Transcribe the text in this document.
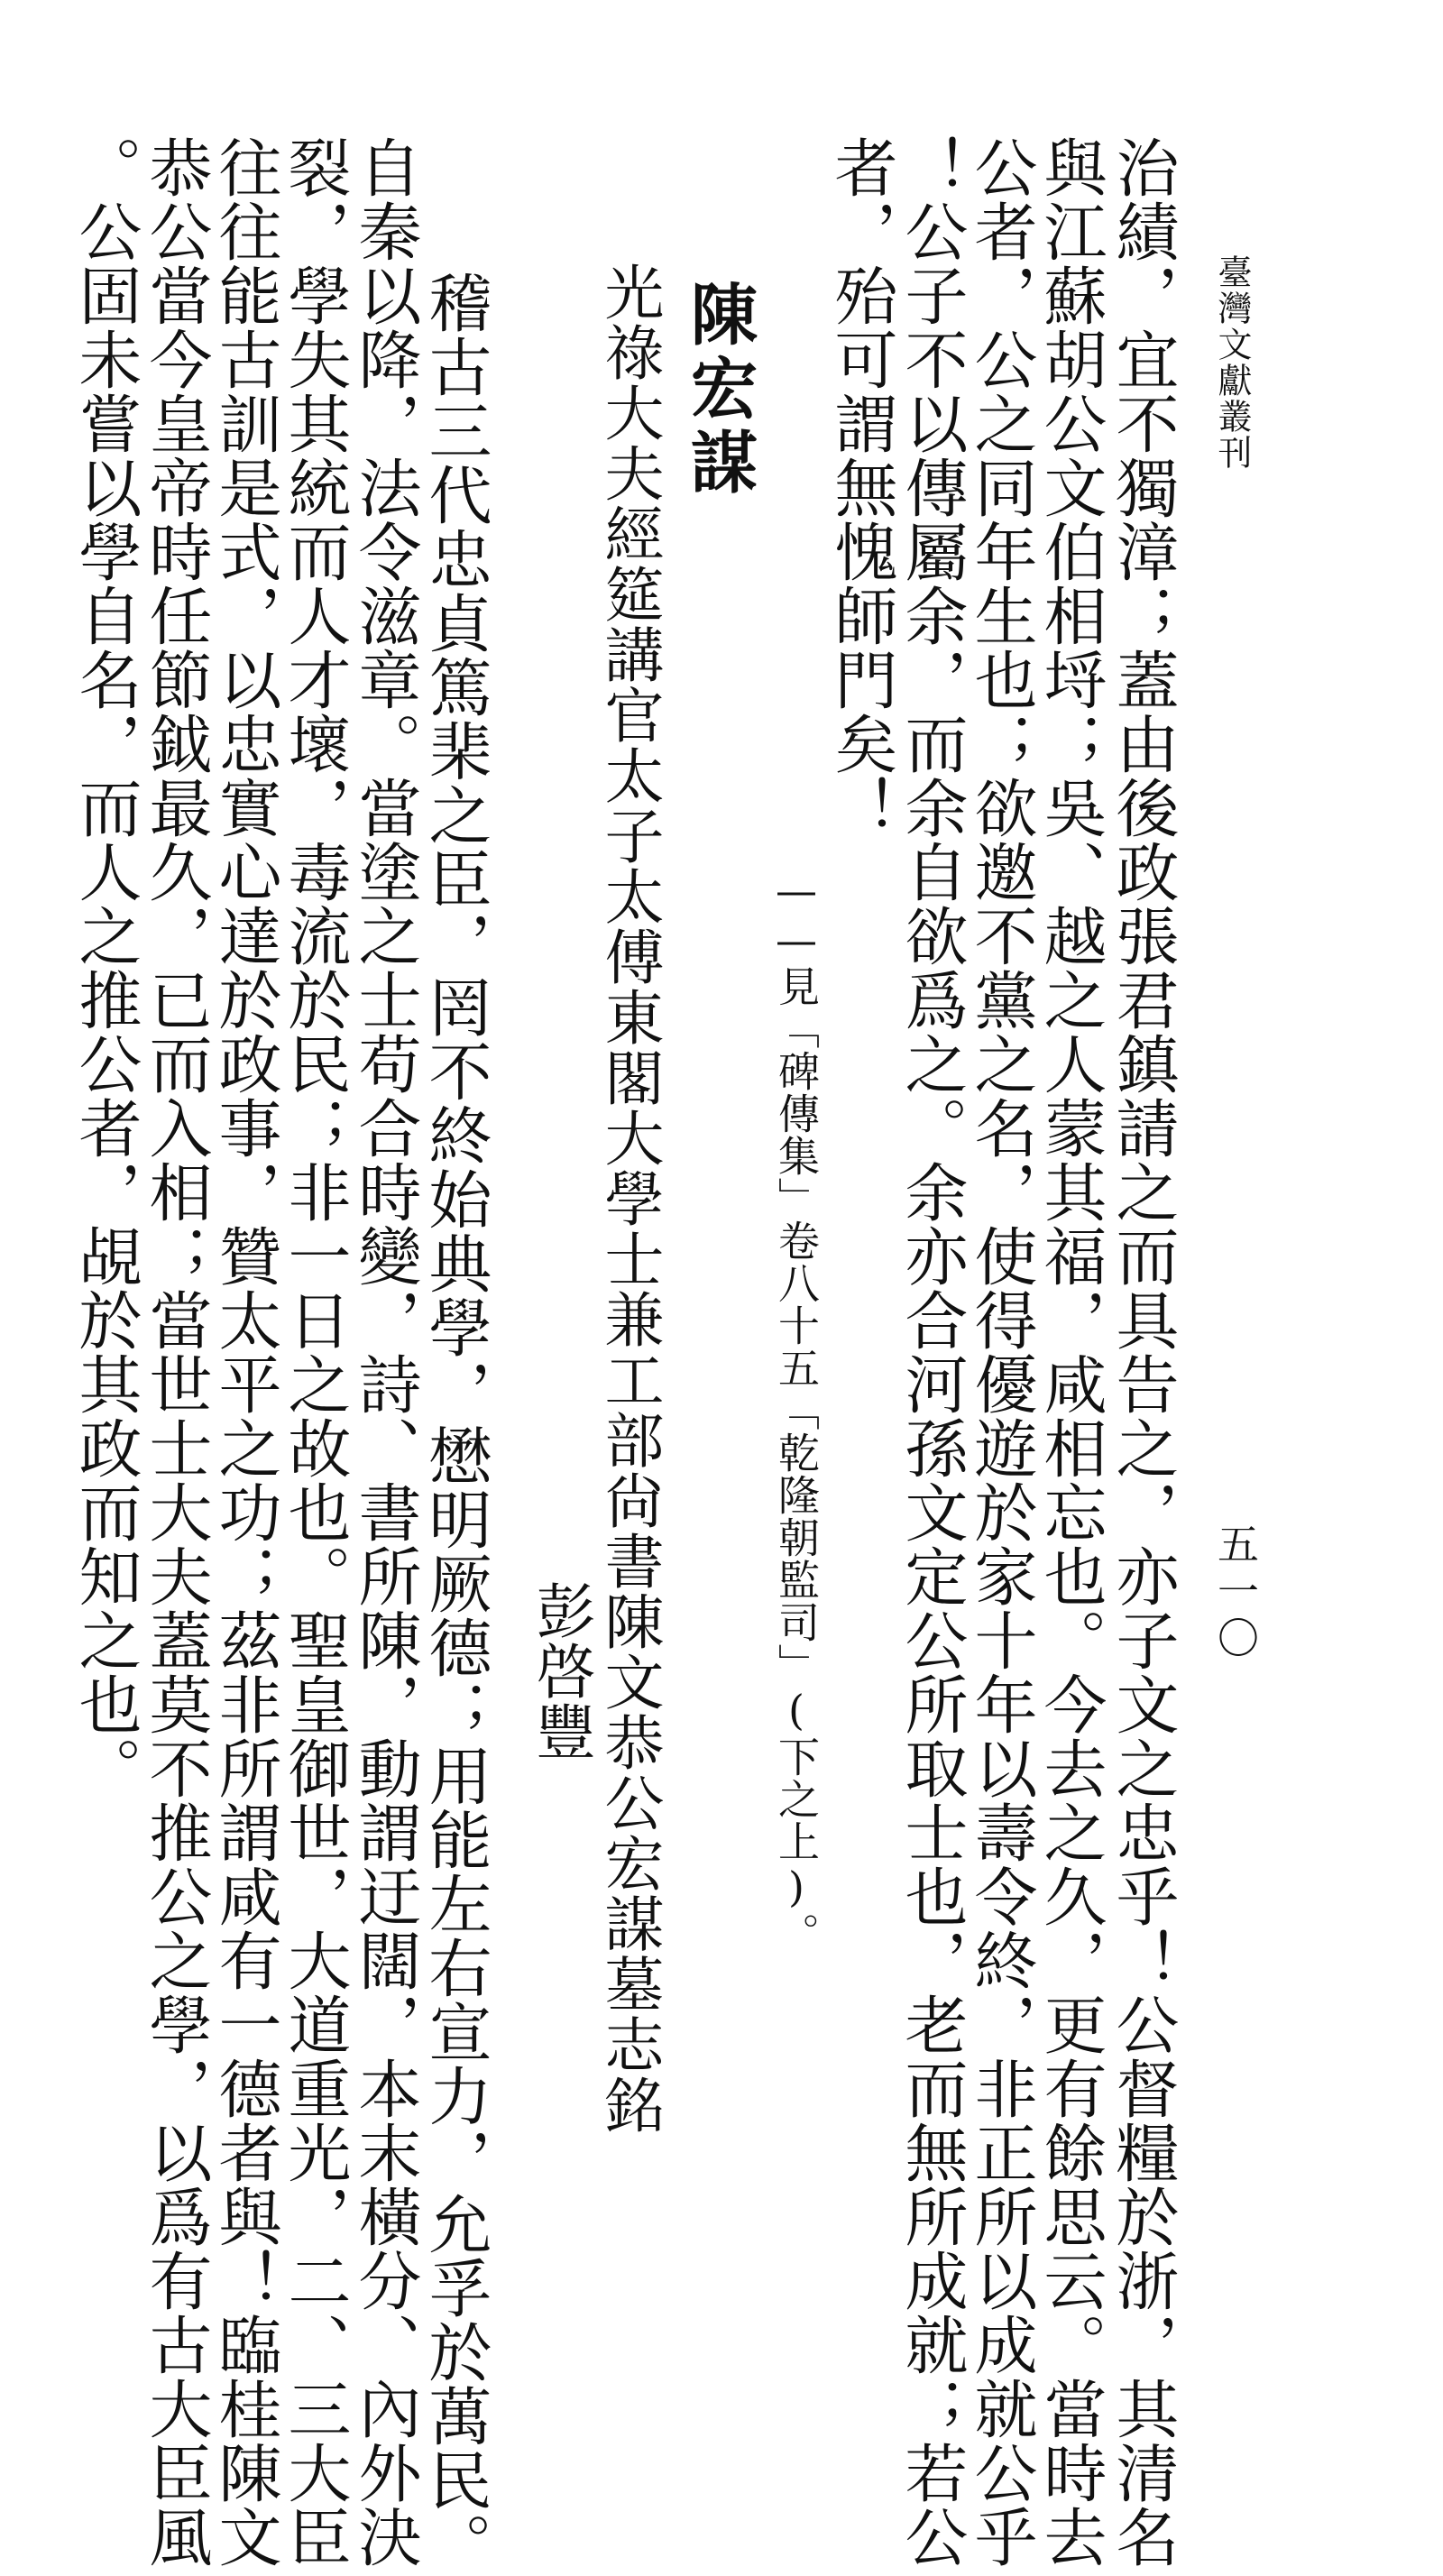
臺灣文獻叢刊
五一〇
治績，宜不獨漳；蓋由後政張君鎮請之而具告之，亦子文之忠乎！公督糧於浙，其清名
與江蘇胡公文伯相埒；吳、越之人蒙其福，咸相忘也。今去之久，更有餘思云。當時去
公者，公之同年生也；欲邀不黨之名，使得優遊於家十年以壽令終，非正所以成就公乎
！公子不以傳屬余，而余自欲爲之。余亦合河孫文定公所取士也，老而無所成就；若公
者，殆可謂無愧師門矣！
——見「碑傳集」卷八十五「乾隆朝監司」(下之上)。
陳宏謀
光祿大夫經筵講官太子太傅東閣大學士兼工部尙書陳文恭公宏謀墓志銘
彭啓豐
稽古三代忠貞篤棐之臣，罔不終始典學，懋明厥德；用能左右宣力，允孚於萬民。
自秦以降，法令滋章。當塗之士苟合時變，詩、書所陳，動謂迂闊，本末橫分、內外決
裂，學失其統而人才壞，毒流於民；非一日之故也。聖皇御世，大道重光，二、三大臣
往往能古訓是式，以忠實心達於政事，贊太平之功；茲非所謂咸有一德者與！臨桂陳文
恭公當今皇帝時任節鉞最久，已而入相；當世士大夫蓋莫不推公之學，以爲有古大臣風
。公固未嘗以學自名，而人之推公者，覘於其政而知之也。
